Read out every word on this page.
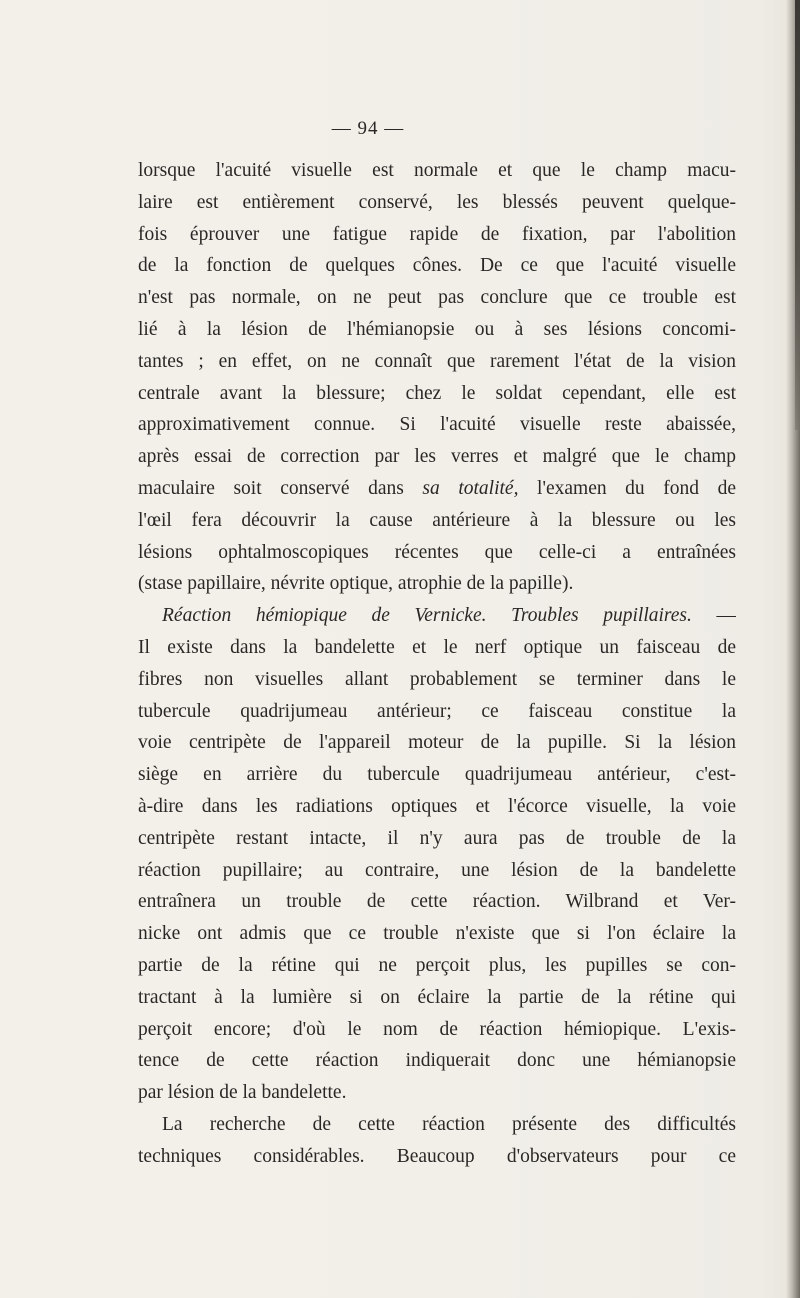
— 94 —
lorsque l'acuité visuelle est normale et que le champ macu-
laire est entièrement conservé, les blessés peuvent quelque-
fois éprouver une fatigue rapide de fixation, par l'abolition
de la fonction de quelques cônes. De ce que l'acuité visuelle
n'est pas normale, on ne peut pas conclure que ce trouble est
lié à la lésion de l'hémianopsie ou à ses lésions concomi-
tantes ; en effet, on ne connaît que rarement l'état de la vision
centrale avant la blessure; chez le soldat cependant, elle est
approximativement connue. Si l'acuité visuelle reste abaissée,
après essai de correction par les verres et malgré que le champ
maculaire soit conservé dans sa totalité, l'examen du fond de
l'œil fera découvrir la cause antérieure à la blessure ou les
lésions ophtalmoscopiques récentes que celle-ci a entraînées
(stase papillaire, névrite optique, atrophie de la papille).
Réaction hémiopique de Vernicke. Troubles pupillaires. —
Il existe dans la bandelette et le nerf optique un faisceau de
fibres non visuelles allant probablement se terminer dans le
tubercule quadrijumeau antérieur; ce faisceau constitue la
voie centripète de l'appareil moteur de la pupille. Si la lésion
siège en arrière du tubercule quadrijumeau antérieur, c'est-
à-dire dans les radiations optiques et l'écorce visuelle, la voie
centripète restant intacte, il n'y aura pas de trouble de la
réaction pupillaire; au contraire, une lésion de la bandelette
entraînera un trouble de cette réaction. Wilbrand et Ver-
nicke ont admis que ce trouble n'existe que si l'on éclaire la
partie de la rétine qui ne perçoit plus, les pupilles se con-
tractant à la lumière si on éclaire la partie de la rétine qui
perçoit encore; d'où le nom de réaction hémiopique. L'exis-
tence de cette réaction indiquerait donc une hémianopsie
par lésion de la bandelette.
La recherche de cette réaction présente des difficultés
techniques considérables. Beaucoup d'observateurs pour ce
